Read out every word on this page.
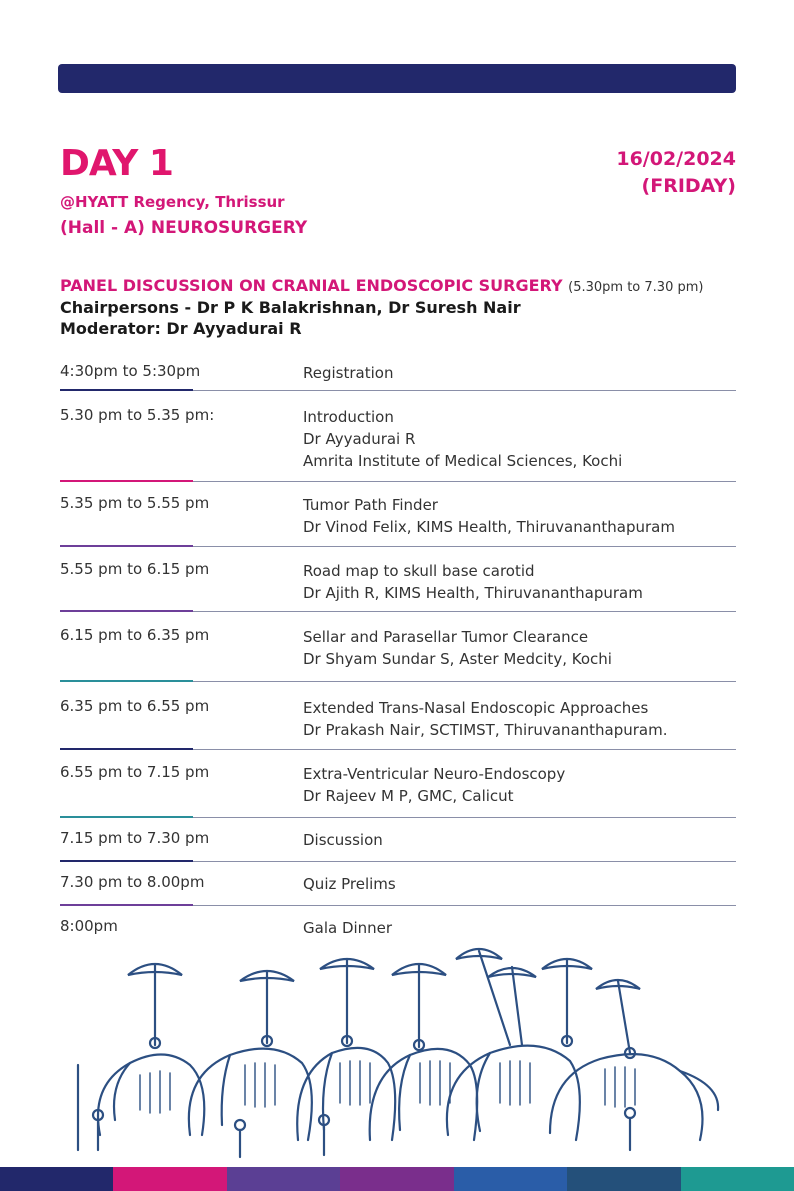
DAY 1
@HYATT Regency, Thrissur
(Hall - A) NEUROSURGERY
16/02/2024
(FRIDAY)
PANEL DISCUSSION ON CRANIAL ENDOSCOPIC SURGERY (5.30pm to 7.30 pm)
Chairpersons - Dr P K Balakrishnan, Dr Suresh Nair
Moderator: Dr Ayyadurai R
4:30pm to 5:30pm	Registration
5.30 pm to 5.35 pm:	Introduction
Dr Ayyadurai R
Amrita Institute of Medical Sciences, Kochi
5.35 pm to 5.55 pm	Tumor Path Finder
Dr Vinod Felix, KIMS Health, Thiruvananthapuram
5.55 pm to 6.15 pm	Road map to skull base carotid
Dr Ajith R, KIMS Health, Thiruvananthapuram
6.15 pm to 6.35 pm	Sellar and Parasellar Tumor Clearance
Dr Shyam Sundar S, Aster Medcity, Kochi
6.35 pm to 6.55 pm	Extended Trans-Nasal Endoscopic Approaches
Dr Prakash Nair, SCTIMST, Thiruvananthapuram.
6.55 pm to 7.15 pm	Extra-Ventricular Neuro-Endoscopy
Dr Rajeev M P, GMC, Calicut
7.15 pm to 7.30 pm	Discussion
7.30 pm to 8.00pm	Quiz Prelims
8:00pm	Gala Dinner
